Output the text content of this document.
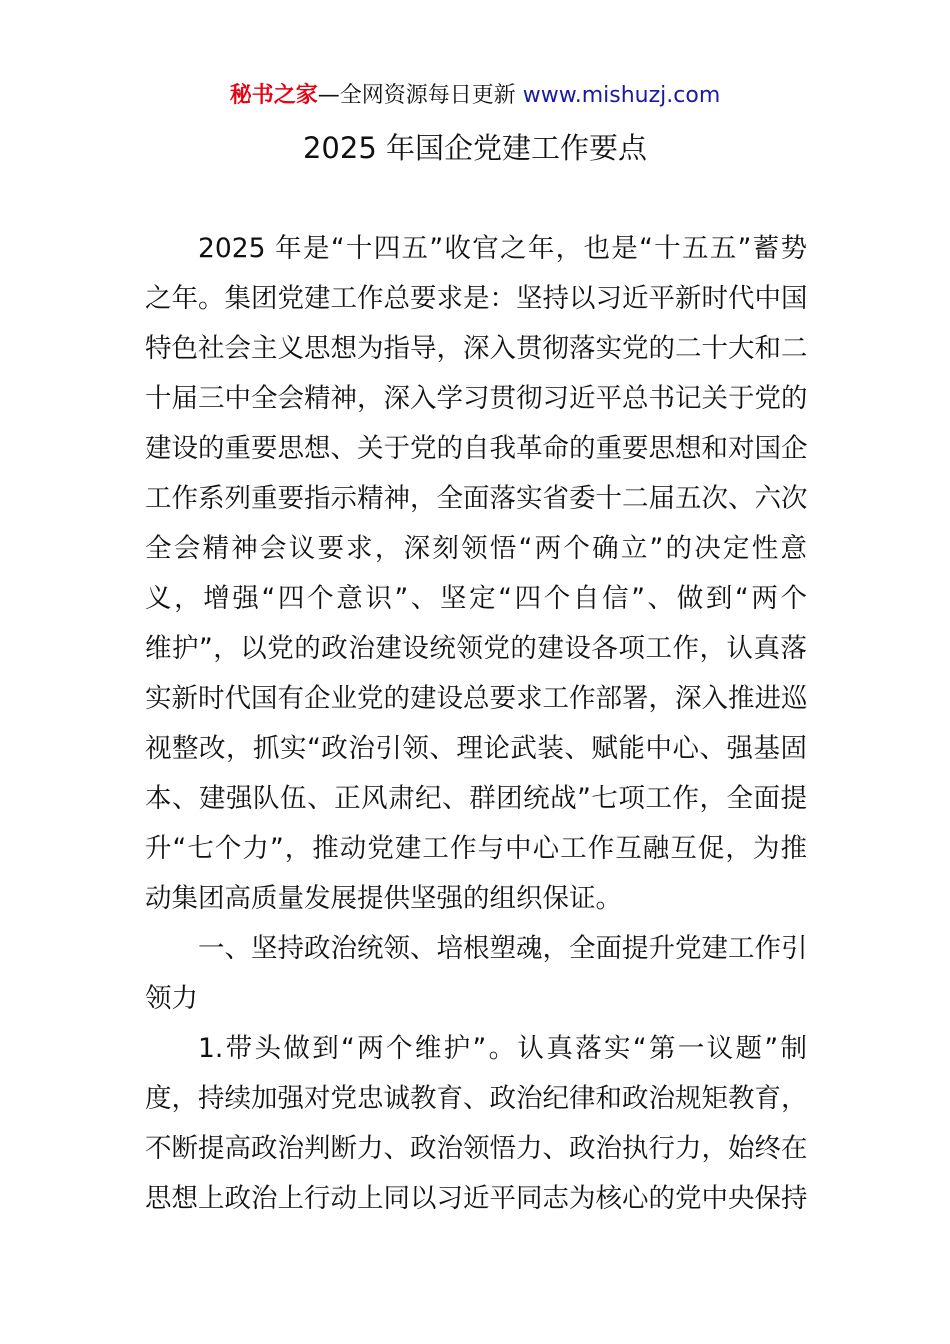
秘书之家—全网资源每日更新 www.mishuzj.com
2025 年国企党建工作要点
2025 年是“十四五”收官之年，也是“十五五”蓄势
之年。集团党建工作总要求是：坚持以习近平新时代中国
特色社会主义思想为指导，深入贯彻落实党的二十大和二
十届三中全会精神，深入学习贯彻习近平总书记关于党的
建设的重要思想、关于党的自我革命的重要思想和对国企
工作系列重要指示精神，全面落实省委十二届五次、六次
全会精神会议要求，深刻领悟“两个确立”的决定性意
义，增强“四个意识”、坚定“四个自信”、做到“两个
维护”，以党的政治建设统领党的建设各项工作，认真落
实新时代国有企业党的建设总要求工作部署，深入推进巡
视整改，抓实“政治引领、理论武装、赋能中心、强基固
本、建强队伍、正风肃纪、群团统战”七项工作，全面提
升“七个力”，推动党建工作与中心工作互融互促，为推
动集团高质量发展提供坚强的组织保证。
一、坚持政治统领、培根塑魂，全面提升党建工作引
领力
1.带头做到“两个维护”。认真落实“第一议题”制
度，持续加强对党忠诚教育、政治纪律和政治规矩教育，
不断提高政治判断力、政治领悟力、政治执行力，始终在
思想上政治上行动上同以习近平同志为核心的党中央保持
